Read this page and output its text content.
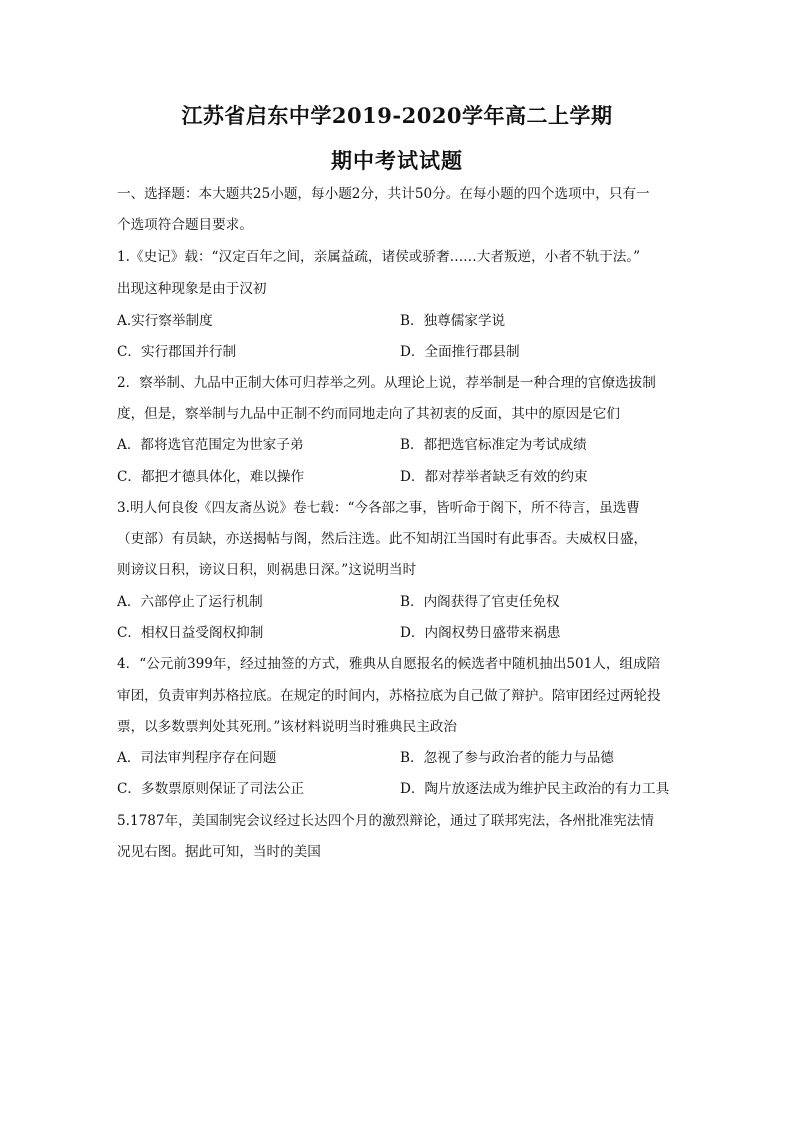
江苏省启东中学2019-2020学年高二上学期
期中考试试题
一、选择题：本大题共25小题，每小题2分，共计50分。在每小题的四个选项中，只有一
个选项符合题目要求。
1.《史记》载：“汉定百年之间，亲属益疏，诸侯或骄奢……大者叛逆，小者不轨于法。”
出现这种现象是由于汉初
A.实行察举制度	B．独尊儒家学说
C．实行郡国并行制	D．全面推行郡县制
2．察举制、九品中正制大体可归荐举之列。从理论上说，荐举制是一种合理的官僚选拔制
度，但是，察举制与九品中正制不约而同地走向了其初衷的反面，其中的原因是它们
A．都将选官范围定为世家子弟	B．都把选官标准定为考试成绩
C．都把才德具体化，难以操作	D．都对荐举者缺乏有效的约束
3.明人何良俊《四友斋丛说》卷七载：“今各部之事，皆听命于阁下，所不待言，虽选曹
（吏部）有员缺，亦送揭帖与阁，然后注选。此不知胡江当国时有此事否。夫威权日盛，
则谤议日积，谤议日积，则祸患日深。”这说明当时
A．六部停止了运行机制	B．内阁获得了官吏任免权
C．相权日益受阁权抑制	D．内阁权势日盛带来祸患
4．“公元前399年，经过抽签的方式，雅典从自愿报名的候选者中随机抽出501人，组成陪
审团，负责审判苏格拉底。在规定的时间内，苏格拉底为自己做了辩护。陪审团经过两轮投
票，以多数票判处其死刑。”该材料说明当时雅典民主政治
A．司法审判程序存在问题	B．忽视了参与政治者的能力与品德
C．多数票原则保证了司法公正	D．陶片放逐法成为维护民主政治的有力工具
5.1787年，美国制宪会议经过长达四个月的激烈辩论，通过了联邦宪法，各州批准宪法情
况见右图。据此可知，当时的美国
